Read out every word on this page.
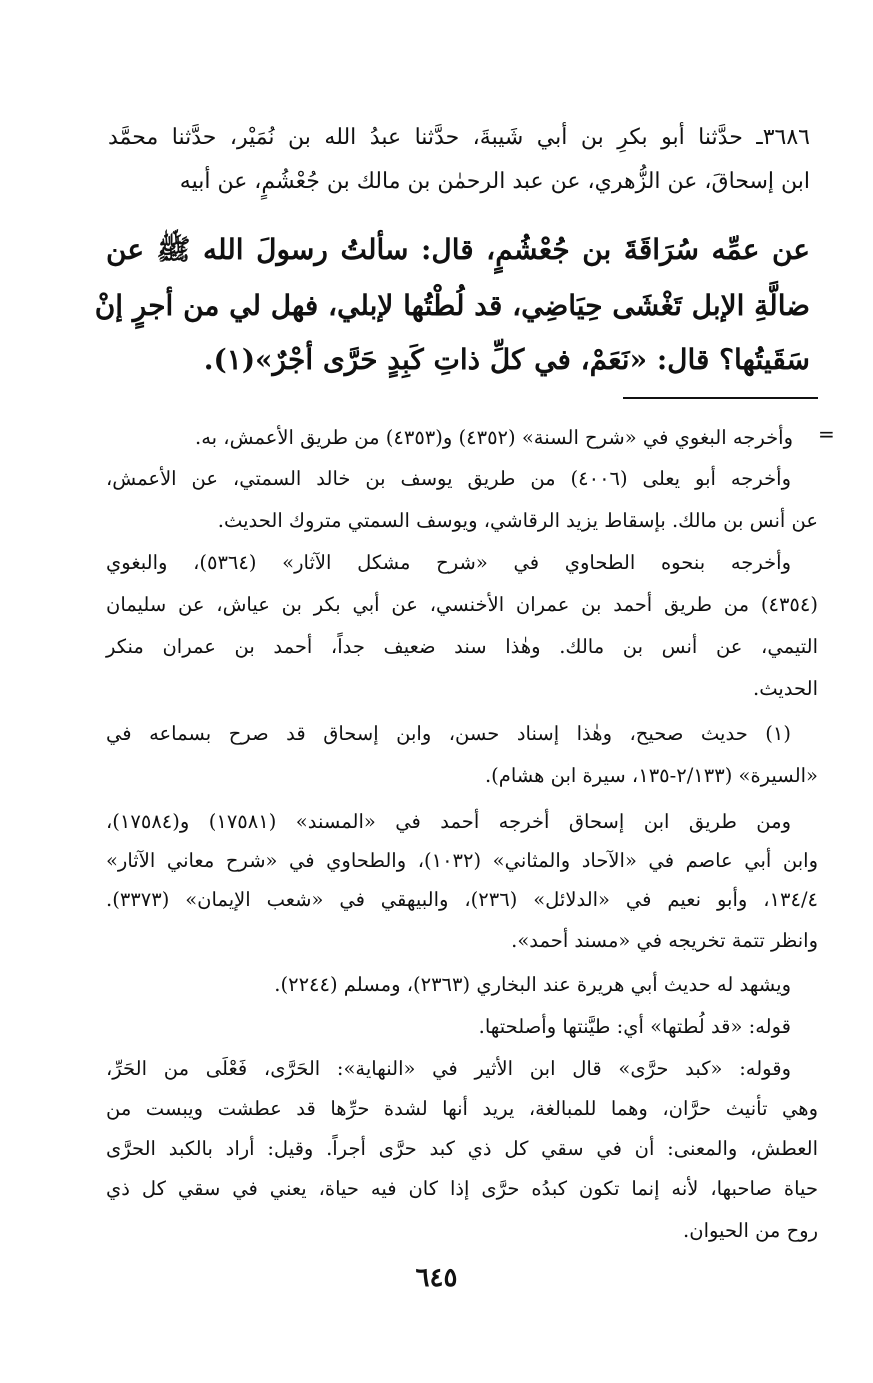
٣٦٨٦ـ حدَّثنا أبو بكرِ بن أبي شَيبةَ، حدَّثنا عبدُ الله بن نُمَيْر، حدَّثنا محمَّد
ابن إسحاقَ، عن الزُّهري، عن عبد الرحمٰن بن مالك بن جُعْشُمٍ، عن أبيه
عن عمِّه سُرَاقَةَ بن جُعْشُمٍ، قال: سألتُ رسولَ الله ﷺ عن
ضالَّةِ الإبل تَغْشَى حِيَاضِي، قد لُطْتُها لإبلي، فهل لي من أجرٍ إنْ
سَقَيتُها؟ قال: «نَعَمْ، في كلِّ ذاتِ كَبِدٍ حَرَّى أجْرٌ»(١).
=
وأخرجه البغوي في «شرح السنة» (٤٣٥٢) و(٤٣٥٣) من طريق الأعمش، به.
وأخرجه أبو يعلى (٤٠٠٦) من طريق يوسف بن خالد السمتي، عن الأعمش،
عن أنس بن مالك. بإسقاط يزيد الرقاشي، ويوسف السمتي متروك الحديث.
وأخرجه بنحوه الطحاوي في «شرح مشكل الآثار» (٥٣٦٤)، والبغوي
(٤٣٥٤) من طريق أحمد بن عمران الأخنسي، عن أبي بكر بن عياش، عن سليمان
التيمي، عن أنس بن مالك. وهٰذا سند ضعيف جداً، أحمد بن عمران منكر
الحديث.
(١) حديث صحيح، وهٰذا إسناد حسن، وابن إسحاق قد صرح بسماعه في
«السيرة» (٢/١٣٣-١٣٥، سيرة ابن هشام).
ومن طريق ابن إسحاق أخرجه أحمد في «المسند» (١٧٥٨١) و(١٧٥٨٤)،
وابن أبي عاصم في «الآحاد والمثاني» (١٠٣٢)، والطحاوي في «شرح معاني الآثار»
١٣٤/٤، وأبو نعيم في «الدلائل» (٢٣٦)، والبيهقي في «شعب الإيمان» (٣٣٧٣).
وانظر تتمة تخريجه في «مسند أحمد».
ويشهد له حديث أبي هريرة عند البخاري (٢٣٦٣)، ومسلم (٢٢٤٤).
قوله: «قد لُطتها» أي: طيَّنتها وأصلحتها.
وقوله: «كبد حرَّى» قال ابن الأثير في «النهاية»: الحَرَّى، فَعْلَى من الحَرِّ،
وهي تأنيث حرَّان، وهما للمبالغة، يريد أنها لشدة حرِّها قد عطشت ويبست من
العطش، والمعنى: أن في سقي كل ذي كبد حرَّى أجراً. وقيل: أراد بالكبد الحرَّى
حياة صاحبها، لأنه إنما تكون كبدُه حرَّى إذا كان فيه حياة، يعني في سقي كل ذي
روح من الحيوان.
٦٤٥
